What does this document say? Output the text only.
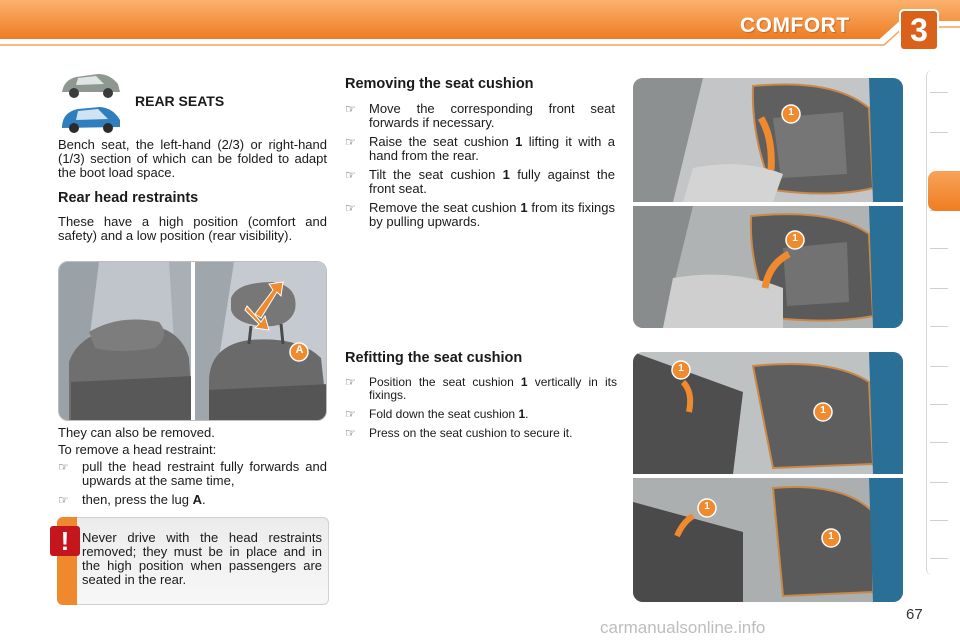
COMFORT	3
REAR SEATS
Bench seat, the left-hand (2/3) or right-hand (1/3) section of which can be folded to adapt the boot load space.
Rear head restraints
These have a high position (comfort and safety) and a low position (rear visibility).
A
They can also be removed.
To remove a head restraint:
☞ pull the head restraint fully forwards and upwards at the same time,
☞ then, press the lug A.
! Never drive with the head restraints removed; they must be in place and in the high position when passengers are seated in the rear.
Removing the seat cushion
☞ Move the corresponding front seat forwards if necessary.
☞ Raise the seat cushion 1 lifting it with a hand from the rear.
☞ Tilt the seat cushion 1 fully against the front seat.
☞ Remove the seat cushion 1 from its fixings by pulling upwards.
Refitting the seat cushion
☞ Position the seat cushion 1 vertically in its fixings.
☞ Fold down the seat cushion 1.
☞ Press on the seat cushion to secure it.
1
1
1
1
1
1
67
carmanualsonline.info
